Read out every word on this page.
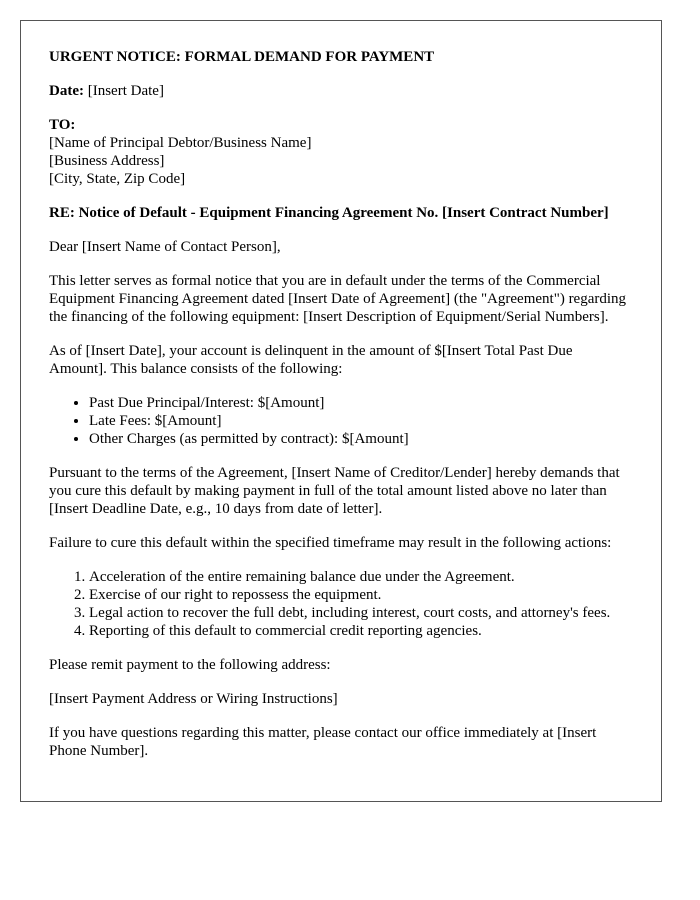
URGENT NOTICE: FORMAL DEMAND FOR PAYMENT

Date: [Insert Date]

TO:
[Name of Principal Debtor/Business Name]
[Business Address]
[City, State, Zip Code]

RE: Notice of Default - Equipment Financing Agreement No. [Insert Contract Number]

Dear [Insert Name of Contact Person],

This letter serves as formal notice that you are in default under the terms of the Commercial Equipment Financing Agreement dated [Insert Date of Agreement] (the "Agreement") regarding the financing of the following equipment: [Insert Description of Equipment/Serial Numbers].

As of [Insert Date], your account is delinquent in the amount of $[Insert Total Past Due Amount]. This balance consists of the following:

• Past Due Principal/Interest: $[Amount]
• Late Fees: $[Amount]
• Other Charges (as permitted by contract): $[Amount]

Pursuant to the terms of the Agreement, [Insert Name of Creditor/Lender] hereby demands that you cure this default by making payment in full of the total amount listed above no later than [Insert Deadline Date, e.g., 10 days from date of letter].

Failure to cure this default within the specified timeframe may result in the following actions:

1. Acceleration of the entire remaining balance due under the Agreement.
2. Exercise of our right to repossess the equipment.
3. Legal action to recover the full debt, including interest, court costs, and attorney's fees.
4. Reporting of this default to commercial credit reporting agencies.

Please remit payment to the following address:

[Insert Payment Address or Wiring Instructions]

If you have questions regarding this matter, please contact our office immediately at [Insert Phone Number].
